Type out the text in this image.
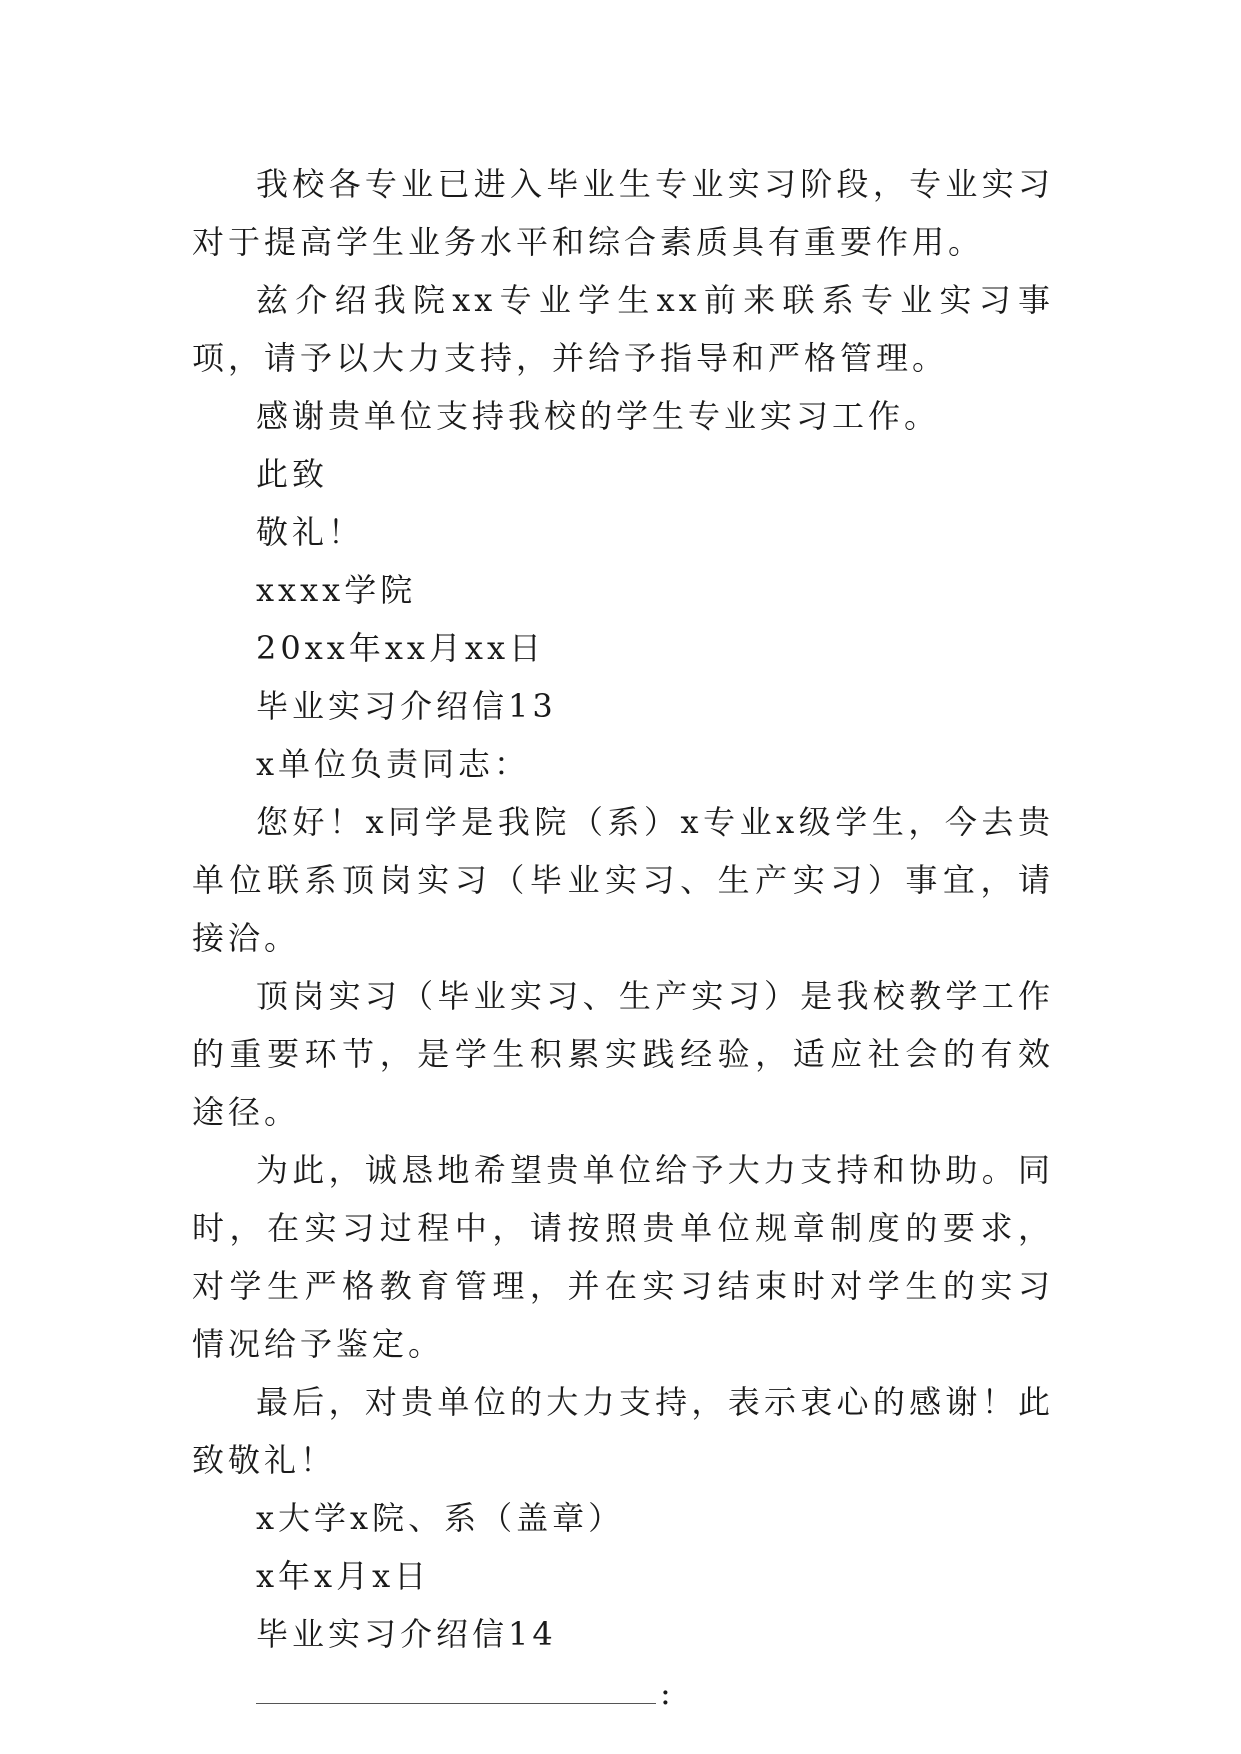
我校各专业已进入毕业生专业实习阶段，专业实习对于提高学生业务水平和综合素质具有重要作用。

兹介绍我院xx专业学生xx前来联系专业实习事项，请予以大力支持，并给予指导和严格管理。

感谢贵单位支持我校的学生专业实习工作。

此致

敬礼！

xxxx学院

20xx年xx月xx日

毕业实习介绍信13

x单位负责同志：

您好！x同学是我院（系）x专业x级学生，今去贵单位联系顶岗实习（毕业实习、生产实习）事宜，请接洽。

顶岗实习（毕业实习、生产实习）是我校教学工作的重要环节，是学生积累实践经验，适应社会的有效途径。

为此，诚恳地希望贵单位给予大力支持和协助。同时，在实习过程中，请按照贵单位规章制度的要求，对学生严格教育管理，并在实习结束时对学生的实习情况给予鉴定。

最后，对贵单位的大力支持，表示衷心的感谢！此致敬礼！

x大学x院、系（盖章）

x年x月x日

毕业实习介绍信14

:
